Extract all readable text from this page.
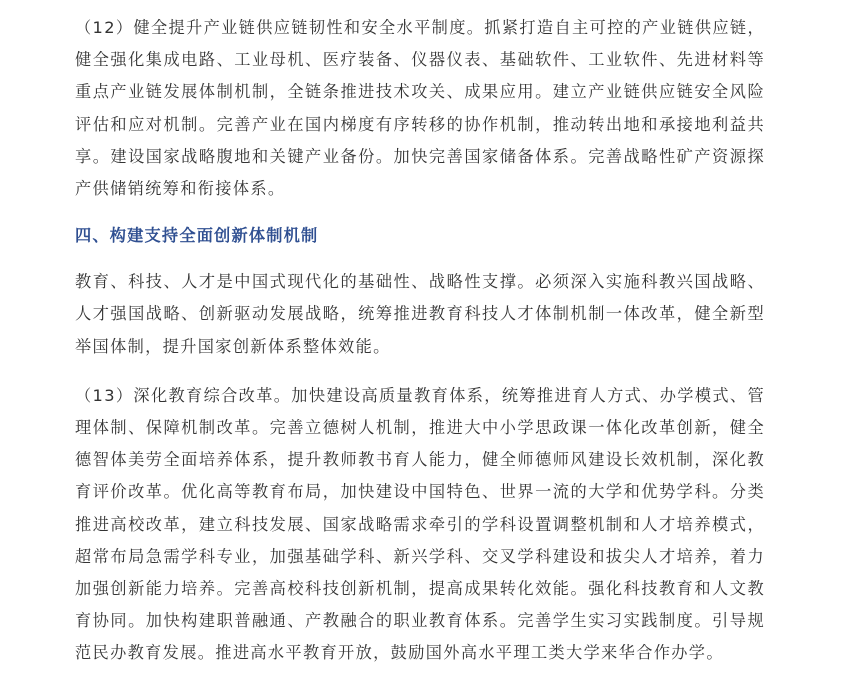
（12）健全提升产业链供应链韧性和安全水平制度。抓紧打造自主可控的产业链供应链，健全强化集成电路、工业母机、医疗装备、仪器仪表、基础软件、工业软件、先进材料等重点产业链发展体制机制，全链条推进技术攻关、成果应用。建立产业链供应链安全风险评估和应对机制。完善产业在国内梯度有序转移的协作机制，推动转出地和承接地利益共享。建设国家战略腹地和关键产业备份。加快完善国家储备体系。完善战略性矿产资源探产供储销统筹和衔接体系。

四、构建支持全面创新体制机制

教育、科技、人才是中国式现代化的基础性、战略性支撑。必须深入实施科教兴国战略、人才强国战略、创新驱动发展战略，统筹推进教育科技人才体制机制一体改革，健全新型举国体制，提升国家创新体系整体效能。

（13）深化教育综合改革。加快建设高质量教育体系，统筹推进育人方式、办学模式、管理体制、保障机制改革。完善立德树人机制，推进大中小学思政课一体化改革创新，健全德智体美劳全面培养体系，提升教师教书育人能力，健全师德师风建设长效机制，深化教育评价改革。优化高等教育布局，加快建设中国特色、世界一流的大学和优势学科。分类推进高校改革，建立科技发展、国家战略需求牵引的学科设置调整机制和人才培养模式，超常布局急需学科专业，加强基础学科、新兴学科、交叉学科建设和拔尖人才培养，着力加强创新能力培养。完善高校科技创新机制，提高成果转化效能。强化科技教育和人文教育协同。加快构建职普融通、产教融合的职业教育体系。完善学生实习实践制度。引导规范民办教育发展。推进高水平教育开放，鼓励国外高水平理工类大学来华合作办学。
